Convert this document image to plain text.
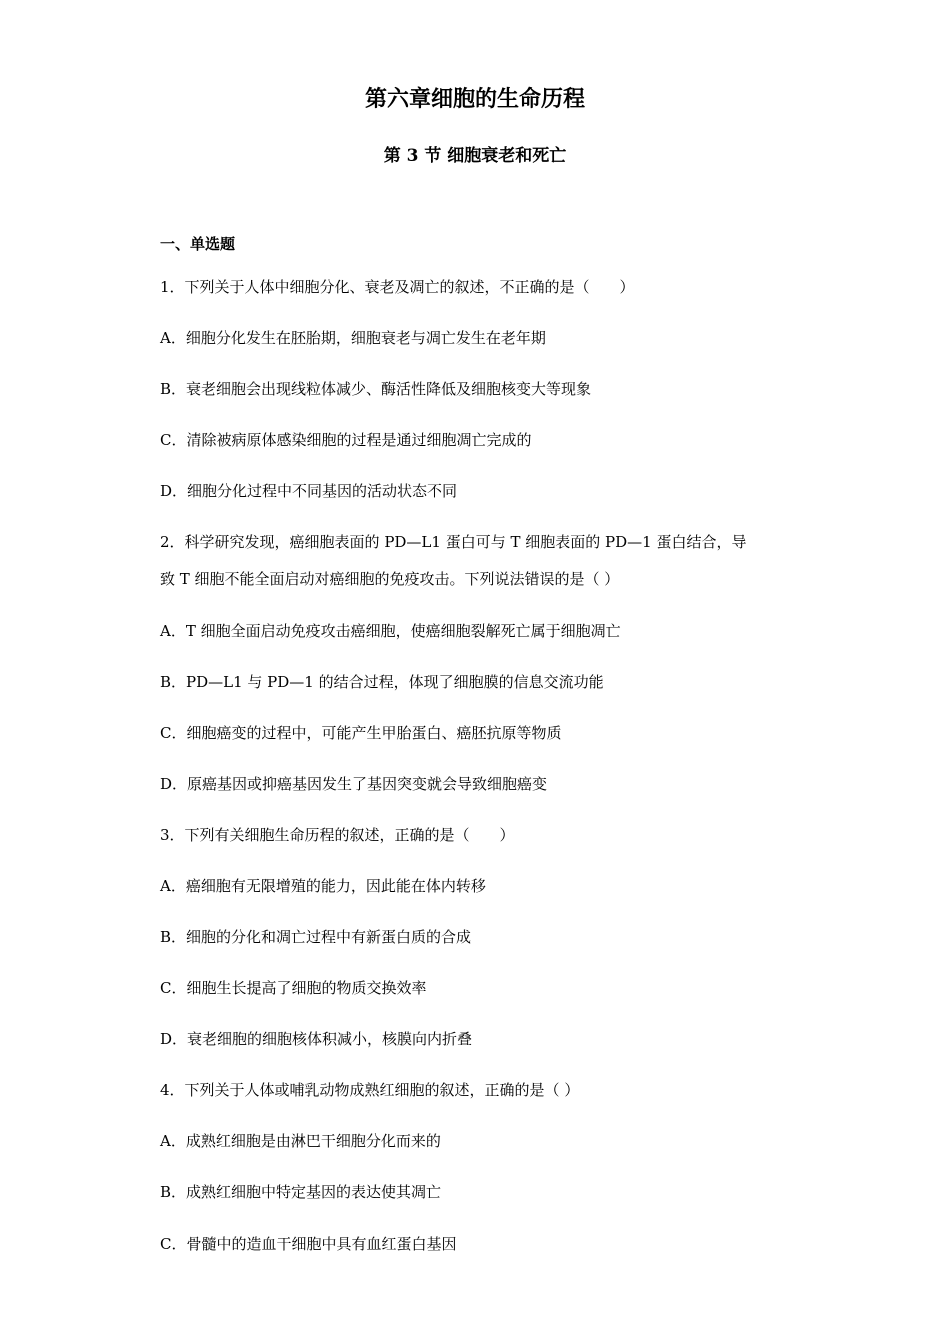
第六章细胞的生命历程
第 3 节 细胞衰老和死亡
一、单选题
1．下列关于人体中细胞分化、衰老及凋亡的叙述，不正确的是（　　）
A．细胞分化发生在胚胎期，细胞衰老与凋亡发生在老年期
B．衰老细胞会出现线粒体减少、酶活性降低及细胞核变大等现象
C．清除被病原体感染细胞的过程是通过细胞凋亡完成的
D．细胞分化过程中不同基因的活动状态不同
2．科学研究发现，癌细胞表面的 PD—L1 蛋白可与 T 细胞表面的 PD—1 蛋白结合，导
致 T 细胞不能全面启动对癌细胞的免疫攻击。下列说法错误的是（ ）
A．T 细胞全面启动免疫攻击癌细胞，使癌细胞裂解死亡属于细胞凋亡
B．PD—L1 与 PD—1 的结合过程，体现了细胞膜的信息交流功能
C．细胞癌变的过程中，可能产生甲胎蛋白、癌胚抗原等物质
D．原癌基因或抑癌基因发生了基因突变就会导致细胞癌变
3．下列有关细胞生命历程的叙述，正确的是（　　）
A．癌细胞有无限增殖的能力，因此能在体内转移
B．细胞的分化和凋亡过程中有新蛋白质的合成
C．细胞生长提高了细胞的物质交换效率
D．衰老细胞的细胞核体积减小，核膜向内折叠
4．下列关于人体或哺乳动物成熟红细胞的叙述，正确的是（ ）
A．成熟红细胞是由淋巴干细胞分化而来的
B．成熟红细胞中特定基因的表达使其凋亡
C．骨髓中的造血干细胞中具有血红蛋白基因
